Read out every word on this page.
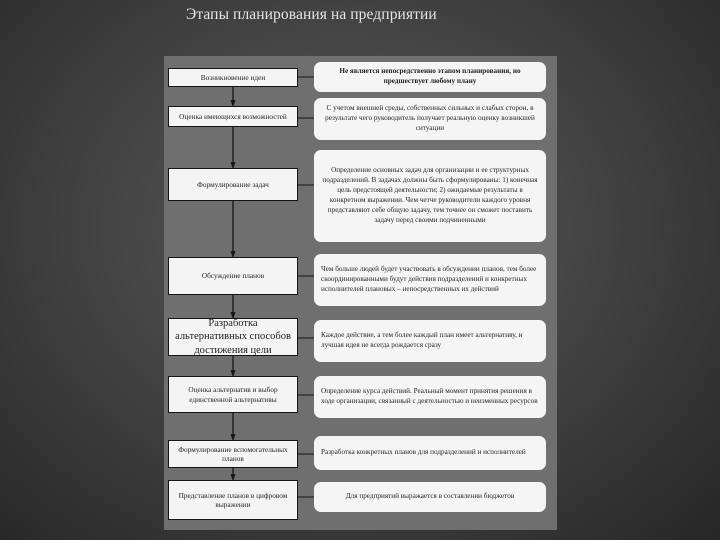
Этапы планирования на предприятии
Возникновение идеи
Оценка имеющихся возможностей
Формулирование задач
Обсуждение планов
Разработка альтернативных способов достижения цели
Оценка альтернатив и выбор единственной альтернативы
Формулирование вспомогательных планов
Представление планов в цифровом выражении
Не является непосредственно этапом планирования, но предшествует любому плану
С учетом внешней среды, собственных сильных и слабых сторон, в результате чего руководитель получает реальную оценку возникшей ситуации
Определение основных задач для организации и ее структурных подразделений. В задачах должны быть сформулированы: 1) конечная цель предстоящей деятельности; 2) ожидаемые результаты в конкретном выражении. Чем четче руководители каждого уровня представляют себе общую задачу, тем точнее он сможет поставить задачу перед своими подчиненными
Чем больше людей будет участвовать в обсуждении планов, тем более скоординированными будут действия подразделений и конкретных исполнителей плановых – непосредственных их действий
Каждое действие, а тем более каждый план имеет альтернативу, и лучшая идея не всегда рождается сразу
Определение курса действий. Реальный момент принятия решения в ходе организации, связанный с деятельностью и неизменных ресурсов
Разработка конкретных планов для подразделений и исполнителей
Для предприятий выражается в составлении бюджетов
